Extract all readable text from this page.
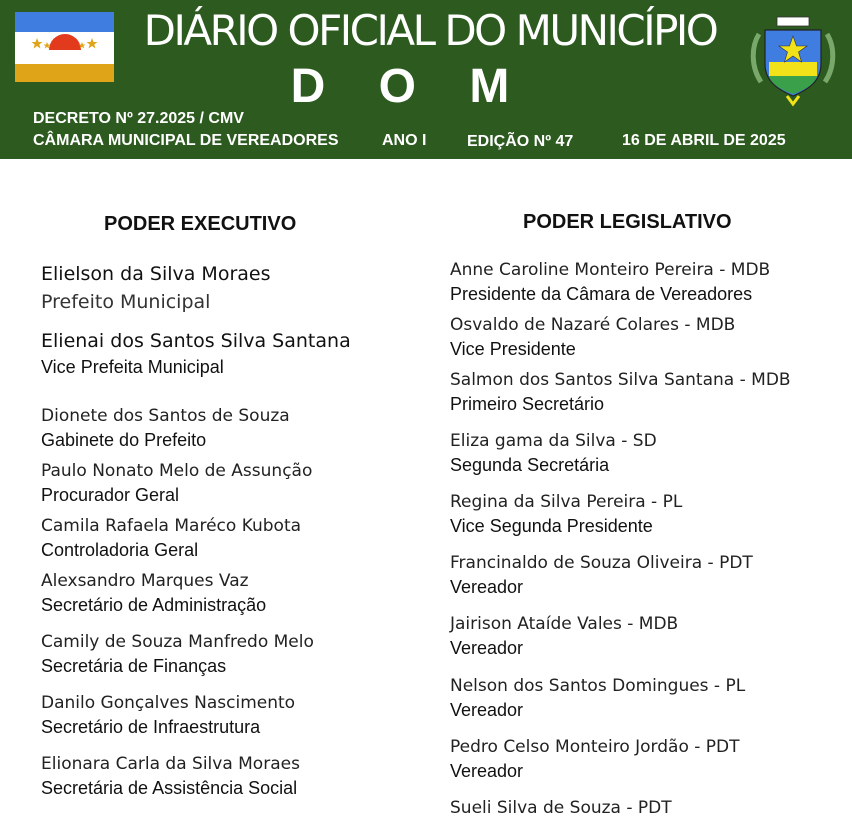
DIÁRIO OFICIAL DO MUNICÍPIO
D O M
DECRETO Nº 27.2025 / CMV
CÂMARA MUNICIPAL DE VEREADORES	ANO I	EDIÇÃO Nº 47	16 DE ABRIL DE 2025
PODER EXECUTIVO
Elielson da Silva Moraes
Prefeito Municipal
Elienai dos Santos Silva Santana
Vice Prefeita Municipal
Dionete dos Santos de Souza
Gabinete do Prefeito
Paulo Nonato Melo de Assunção
Procurador Geral
Camila Rafaela Maréco Kubota
Controladoria Geral
Alexsandro Marques Vaz
Secretário de Administração
Camily de Souza Manfredo Melo
Secretária de Finanças
Danilo Gonçalves Nascimento
Secretário de Infraestrutura
Elionara Carla da Silva Moraes
Secretária de Assistência Social
PODER LEGISLATIVO
Anne Caroline Monteiro Pereira - MDB
Presidente da Câmara de Vereadores
Osvaldo de Nazaré Colares - MDB
Vice Presidente
Salmon dos Santos Silva Santana - MDB
Primeiro Secretário
Eliza gama da Silva - SD
Segunda Secretária
Regina da Silva Pereira - PL
Vice Segunda Presidente
Francinaldo de Souza Oliveira - PDT
Vereador
Jairison Ataíde Vales - MDB
Vereador
Nelson dos Santos Domingues - PL
Vereador
Pedro Celso Monteiro Jordão - PDT
Vereador
Sueli Silva de Souza - PDT
